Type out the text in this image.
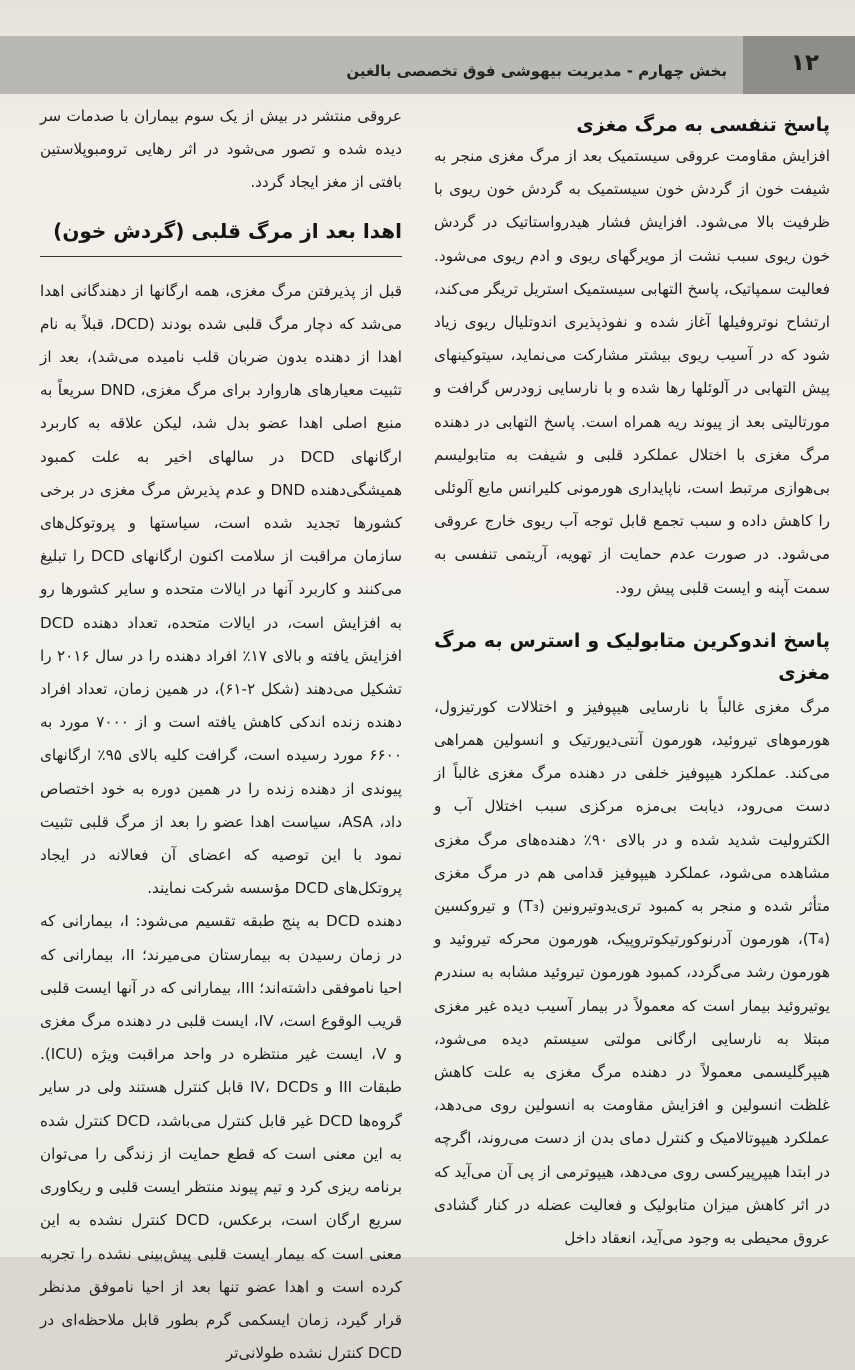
۱۲
بخش چهارم - مدیریت بیهوشی فوق تخصصی بالغین
پاسخ تنفسی به مرگ مغزی

افزایش مقاومت عروقی سیستمیک بعد از مرگ مغزی منجر به شیفت خون از گردش خون سیستمیک به گردش خون ریوی با ظرفیت بالا می‌شود. افزایش فشار هیدرواستاتیک در گردش خون ریوی سبب نشت از مویرگهای ریوی و ادم ریوی می‌شود. فعالیت سمپاتیک، پاسخ التهابی سیستمیک استریل تریگر می‌کند، ارتشاح نوتروفیلها آغاز شده و نفوذپذیری اندوتلیال ریوی زیاد شود که در آسیب ریوی بیشتر مشارکت می‌نماید، سیتوکینهای پیش التهابی در آلوئلها رها شده و با نارسایی زودرس گرافت و مورتالیتی بعد از پیوند ریه همراه است. پاسخ التهابی در دهنده مرگ مغزی با اختلال عملکرد قلبی و شیفت به متابولیسم بی‌هوازی مرتبط است، ناپایداری هورمونی کلیرانس مایع آلوئلی را کاهش داده و سبب تجمع قابل توجه آب ریوی خارج عروقی می‌شود. در صورت عدم حمایت از تهویه، آریتمی تنفسی به سمت آپنه و ایست قلبی پیش رود.

پاسخ اندوکرین متابولیک و استرس به مرگ مغزی

مرگ مغزی غالباً با نارسایی هیپوفیز و اختلالات کورتیزول، هورموهای تیروئید، هورمون آنتی‌دیورتیک و انسولین همراهی می‌کند. عملکرد هیپوفیز خلفی در دهنده مرگ مغزی غالباً از دست می‌رود، دیابت بی‌مزه مرکزی سبب اختلال آب و الکترولیت شدید شده و در بالای ۹۰٪ دهنده‌های مرگ مغزی مشاهده می‌شود، عملکرد هیپوفیز قدامی هم در مرگ مغزی متأثر شده و منجر به کمبود تری‌یدوتیرونین (T₃) و تیروکسین (T₄)، هورمون آدرنوکورتیکوتروپیک، هورمون محرکه تیروئید و هورمون رشد می‌گردد، کمبود هورمون تیروئید مشابه به سندرم یوتیروئید بیمار است که معمولاً در بیمار آسیب دیده غیر مغزی مبتلا به نارسایی ارگانی مولتی سیستم دیده می‌شود، هیپرگلیسمی معمولاً در دهنده مرگ مغزی به علت کاهش غلظت انسولین و افزایش مقاومت به انسولین روی می‌دهد، عملکرد هیپوتالامیک و کنترل دمای بدن از دست می‌روند، اگرچه در ابتدا هیپرپیرکسی روی می‌دهد، هیپوترمی از پی آن می‌آید که در اثر کاهش میزان متابولیک و فعالیت عضله در کنار گشادی عروق محیطی به وجود می‌آید، انعقاد داخل

عروقی منتشر در بیش از یک سوم بیماران با صدمات سر دیده شده و تصور می‌شود در اثر رهایی ترومبوپلاستین بافتی از مغز ایجاد گردد.

اهدا بعد از مرگ قلبی (گردش خون)

قبل از پذیرفتن مرگ مغزی، همه ارگانها از دهندگانی اهدا می‌شد که دچار مرگ قلبی شده بودند (DCD، قبلاً به نام اهدا از دهنده بدون ضربان قلب نامیده می‌شد)، بعد از تثبیت معیارهای هاروارد برای مرگ مغزی، DND سریعاً به منبع اصلی اهدا عضو بدل شد، لیکن علاقه به کاربرد ارگانهای DCD در سالهای اخیر به علت کمبود همیشگی‌دهنده DND و عدم پذیرش مرگ مغزی در برخی کشورها تجدید شده است، سیاستها و پروتوکل‌های سازمان مراقبت از سلامت اکنون ارگانهای DCD را تبلیغ می‌کنند و کاربرد آنها در ایالات متحده و سایر کشورها رو به افزایش است، در ایالات متحده، تعداد دهنده DCD افزایش یافته و بالای ۱۷٪ افراد دهنده را در سال ۲۰۱۶ را تشکیل می‌دهند (شکل ۲-۶۱)، در همین زمان، تعداد افراد دهنده زنده اندکی کاهش یافته است و از ۷۰۰۰ مورد به ۶۶۰۰ مورد رسیده است، گرافت کلیه بالای ۹۵٪ ارگانهای پیوندی از دهنده زنده را در همین دوره به خود اختصاص داد، ASA، سیاست اهدا عضو را بعد از مرگ قلبی تثبیت نمود با این توصیه که اعضای آن فعالانه در ایجاد پروتکل‌های DCD مؤسسه شرکت نمایند.

دهنده DCD به پنج طبقه تقسیم می‌شود: I، بیمارانی که در زمان رسیدن به بیمارستان می‌میرند؛ II، بیمارانی که احیا ناموفقی داشته‌اند؛ III، بیمارانی که در آنها ایست قلبی قریب الوقوع است، IV، ایست قلبی در دهنده مرگ مغزی و V، ایست غیر منتظره در واحد مراقبت ویژه (ICU). طبقات III و IV، DCDs قابل کنترل هستند ولی در سایر گروه‌ها DCD غیر قابل کنترل می‌باشد، DCD کنترل شده به این معنی است که قطع حمایت از زندگی را می‌توان برنامه ریزی کرد و تیم پیوند منتظر ایست قلبی و ریکاوری سریع ارگان است، برعکس، DCD کنترل نشده به این معنی است که بیمار ایست قلبی پیش‌بینی نشده را تجربه کرده است و اهدا عضو تنها بعد از احیا ناموفق مدنظر قرار گیرد، زمان ایسکمی گرم بطور قابل ملاحظه‌ای در DCD کنترل نشده طولانی‌تر
